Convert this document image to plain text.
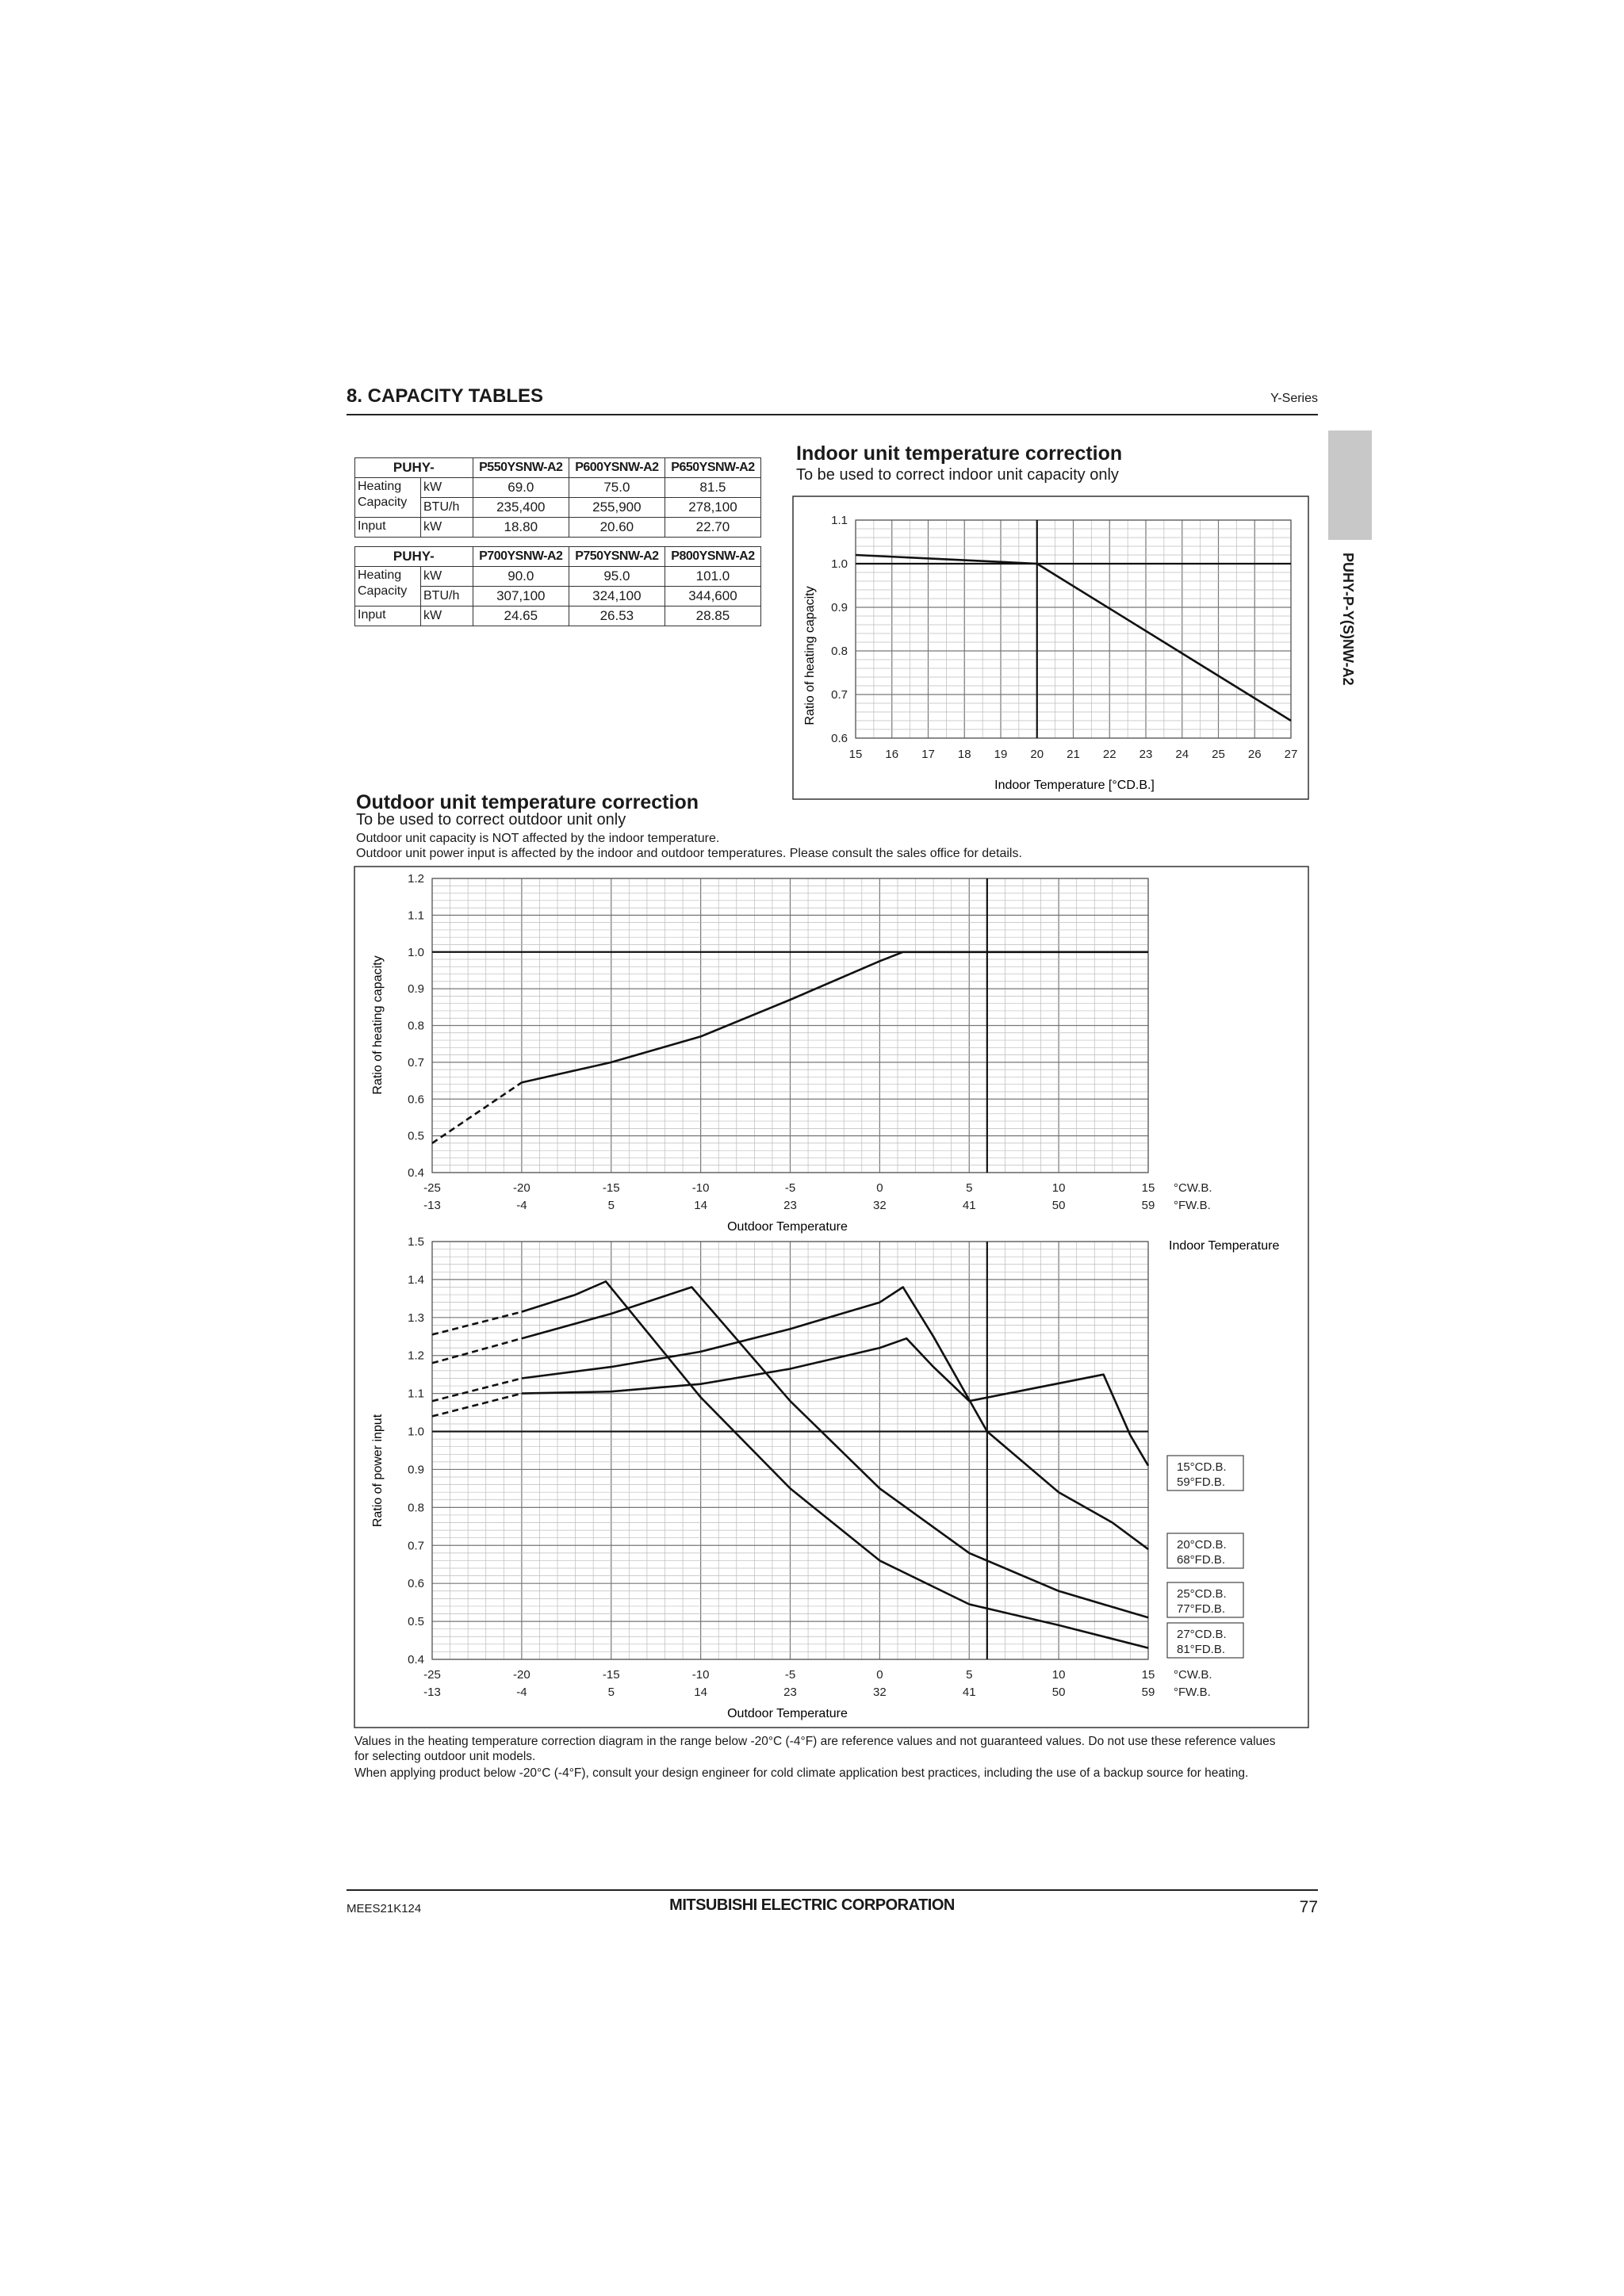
8. CAPACITY TABLES	Y-Series
PUHY-P-Y(S)NW-A2
PUHY-		P550YSNW-A2	P600YSNW-A2	P650YSNW-A2
Heating
Capacity	kW	69.0	75.0	81.5
	BTU/h	235,400	255,900	278,100
Input	kW	18.80	20.60	22.70
PUHY-		P700YSNW-A2	P750YSNW-A2	P800YSNW-A2
Heating
Capacity	kW	90.0	95.0	101.0
	BTU/h	307,100	324,100	344,600
Input	kW	24.65	26.53	28.85
Indoor unit temperature correction
To be used to correct indoor unit capacity only
Outdoor unit temperature correction
To be used to correct outdoor unit only
Outdoor unit capacity is NOT affected by the indoor temperature.
Outdoor unit power input is affected by the indoor and outdoor temperatures. Please consult the sales office for details.
0.6
0.7
0.8
0.9
1.0
1.1
15 16 17 18 19 20 21 22 23 24 25 26 27
Ratio of heating capacity
Indoor Temperature [°CD.B.]
0.4
0.5
0.6
0.7
0.8
0.9
1.0
1.1
1.2
-25	-20	-15	-10	-5	0	5	10	15
-13	-4	5	14	23	32	41	50	59
°CW.B.
°FW.B.
0.4
0.5
0.6
0.7
0.8
0.9
1.0
1.1
1.2
1.3
1.4
1.5
-25	-20	-15	-10	-5	0	5	10	15
-13	-4	5	14	23	32	41	50	59
°CW.B.
°FW.B.
Ratio of heating capacity
Ratio of power input
Outdoor Temperature
Outdoor Temperature
Indoor Temperature
15°CD.B.
59°FD.B.
20°CD.B.
68°FD.B.
25°CD.B.
77°FD.B.
27°CD.B.
81°FD.B.
Values in the heating temperature correction diagram in the range below -20°C (-4°F) are reference values and not guaranteed values. Do not use these reference values
for selecting outdoor unit models.
When applying product below -20°C (-4°F), consult your design engineer for cold climate application best practices, including the use of a backup source for heating.
MEES21K124	MITSUBISHI ELECTRIC CORPORATION	77
